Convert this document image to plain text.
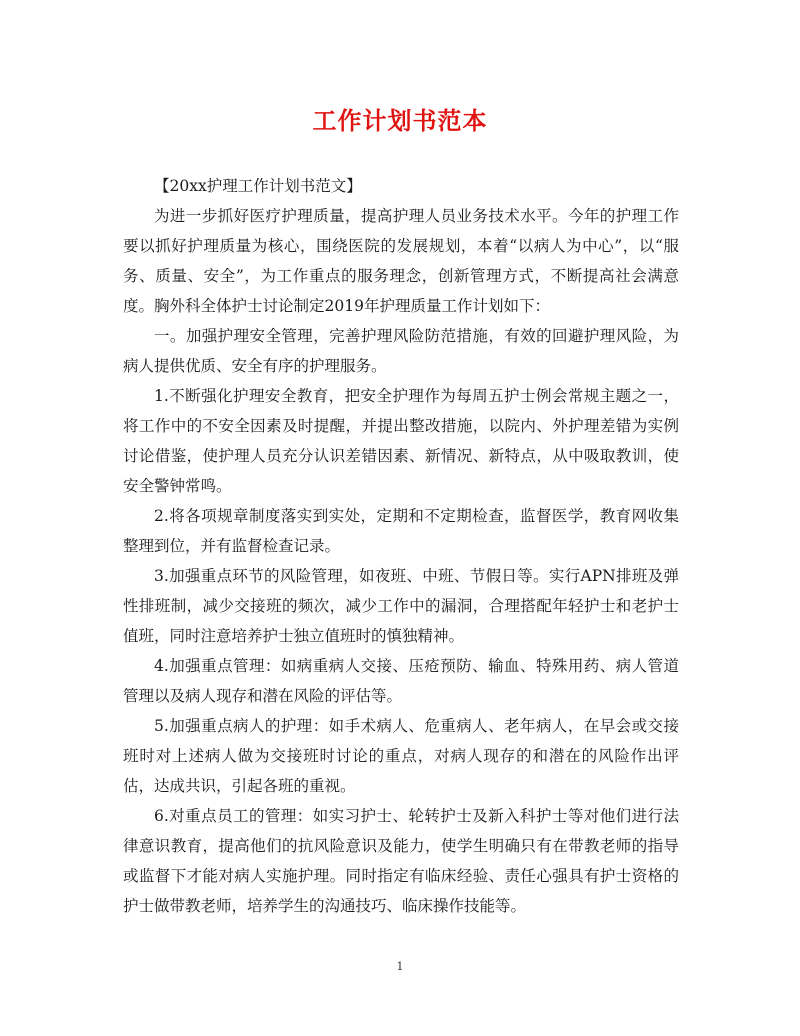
工作计划书范本

【20xx护理工作计划书范文】

为进一步抓好医疗护理质量，提高护理人员业务技术水平。今年的护理工作要以抓好护理质量为核心，围绕医院的发展规划，本着“以病人为中心”，以“服务、质量、安全”，为工作重点的服务理念，创新管理方式，不断提高社会满意度。胸外科全体护士讨论制定2019年护理质量工作计划如下：

一。加强护理安全管理，完善护理风险防范措施，有效的回避护理风险，为病人提供优质、安全有序的护理服务。

1.不断强化护理安全教育，把安全护理作为每周五护士例会常规主题之一，将工作中的不安全因素及时提醒，并提出整改措施，以院内、外护理差错为实例讨论借鉴，使护理人员充分认识差错因素、新情况、新特点，从中吸取教训，使安全警钟常鸣。

2.将各项规章制度落实到实处，定期和不定期检查，监督医学，教育网收集整理到位，并有监督检查记录。

3.加强重点环节的风险管理，如夜班、中班、节假日等。实行APN排班及弹性排班制，减少交接班的频次，减少工作中的漏洞，合理搭配年轻护士和老护士值班，同时注意培养护士独立值班时的慎独精神。

4.加强重点管理：如病重病人交接、压疮预防、输血、特殊用药、病人管道管理以及病人现存和潜在风险的评估等。

5.加强重点病人的护理：如手术病人、危重病人、老年病人，在早会或交接班时对上述病人做为交接班时讨论的重点，对病人现存的和潜在的风险作出评估，达成共识，引起各班的重视。

6.对重点员工的管理：如实习护士、轮转护士及新入科护士等对他们进行法律意识教育，提高他们的抗风险意识及能力，使学生明确只有在带教老师的指导或监督下才能对病人实施护理。同时指定有临床经验、责任心强具有护士资格的护士做带教老师，培养学生的沟通技巧、临床操作技能等。

1
